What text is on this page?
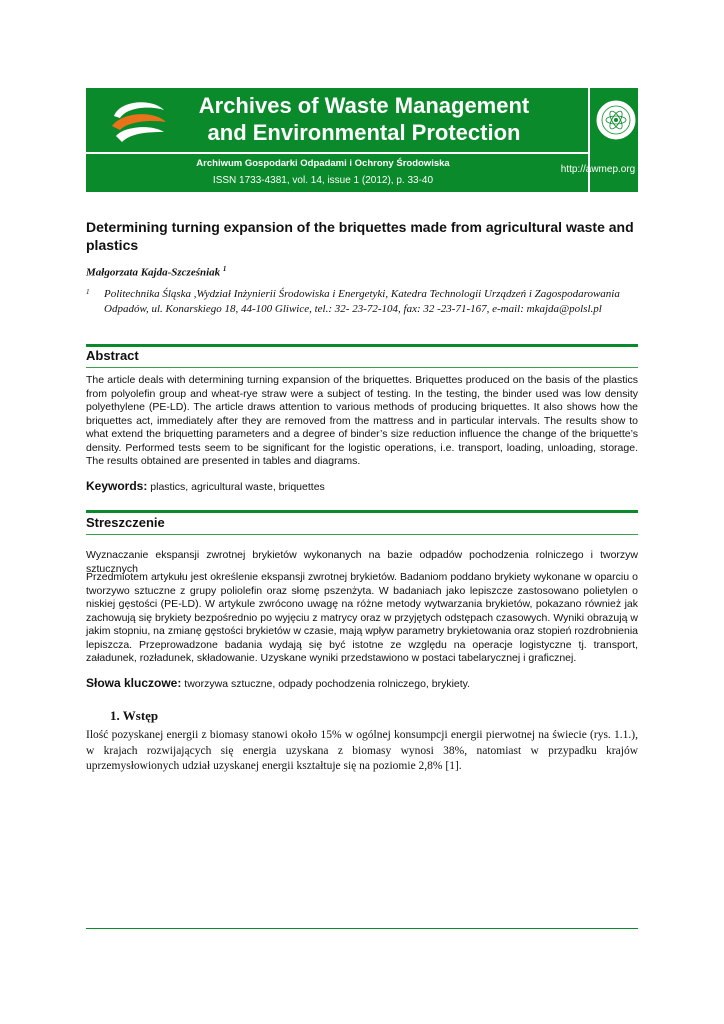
Archives of Waste Management and Environmental Protection
Archiwum Gospodarki Odpadami i Ochrony Środowiska
ISSN 1733-4381, vol. 14, issue 1 (2012), p. 33-40
http://awmep.org
Determining turning expansion of the briquettes made from agricultural waste and plastics
Małgorzata Kajda-Szcześniak $^1$
1 Politechnika Śląska ,Wydział Inżynierii Środowiska i Energetyki, Katedra Technologii Urządzeń i Zagospodarowania Odpadów, ul. Konarskiego 18, 44-100 Gliwice, tel.: 32- 23-72-104, fax: 32 -23-71-167, e-mail: mkajda@polsl.pl
Abstract
The article deals with determining turning expansion of the briquettes. Briquettes produced on the basis of the plastics from polyolefin group and wheat-rye straw were a subject of testing. In the testing, the binder used was low density polyethylene (PE-LD). The article draws attention to various methods of producing briquettes. It also shows how the briquettes act, immediately after they are removed from the mattress and in particular intervals. The results show to what extend the briquetting parameters and a degree of binder’s size reduction influence the change of the briquette’s density. Performed tests seem to be significant for the logistic operations, i.e. transport, loading, unloading, storage. The results obtained are presented in tables and diagrams.
Keywords: plastics, agricultural waste, briquettes
Streszczenie
Wyznaczanie ekspansji zwrotnej brykietów wykonanych na bazie odpadów pochodzenia rolniczego i tworzyw sztucznych
Przedmiotem artykułu jest określenie ekspansji zwrotnej brykietów. Badaniom poddano brykiety wykonane w oparciu o tworzywo sztuczne z grupy poliolefin oraz słomę pszenżyta. W badaniach jako lepiszcze zastosowano polietylen o niskiej gęstości (PE-LD). W artykule zwrócono uwagę na różne metody wytwarzania brykietów, pokazano również jak zachowują się brykiety bezpośrednio po wyjęciu z matrycy oraz w przyjętych odstępach czasowych. Wyniki obrazują w jakim stopniu, na zmianę gęstości brykietów w czasie, mają wpływ parametry brykietowania oraz stopień rozdrobnienia lepiszcza. Przeprowadzone badania wydają się być istotne ze względu na operacje logistyczne tj. transport, załadunek, rozładunek, składowanie. Uzyskane wyniki przedstawiono w postaci tabelarycznej i graficznej.
Słowa kluczowe: tworzywa sztuczne, odpady pochodzenia rolniczego, brykiety.
1. Wstęp
Ilość pozyskanej energii z biomasy stanowi około 15% w ogólnej konsumpcji energii pierwotnej na świecie (rys. 1.1.), w krajach rozwijających się energia uzyskana z biomasy wynosi 38%, natomiast w przypadku krajów uprzemysłowionych udział uzyskanej energii kształtuje się na poziomie 2,8% [1].
